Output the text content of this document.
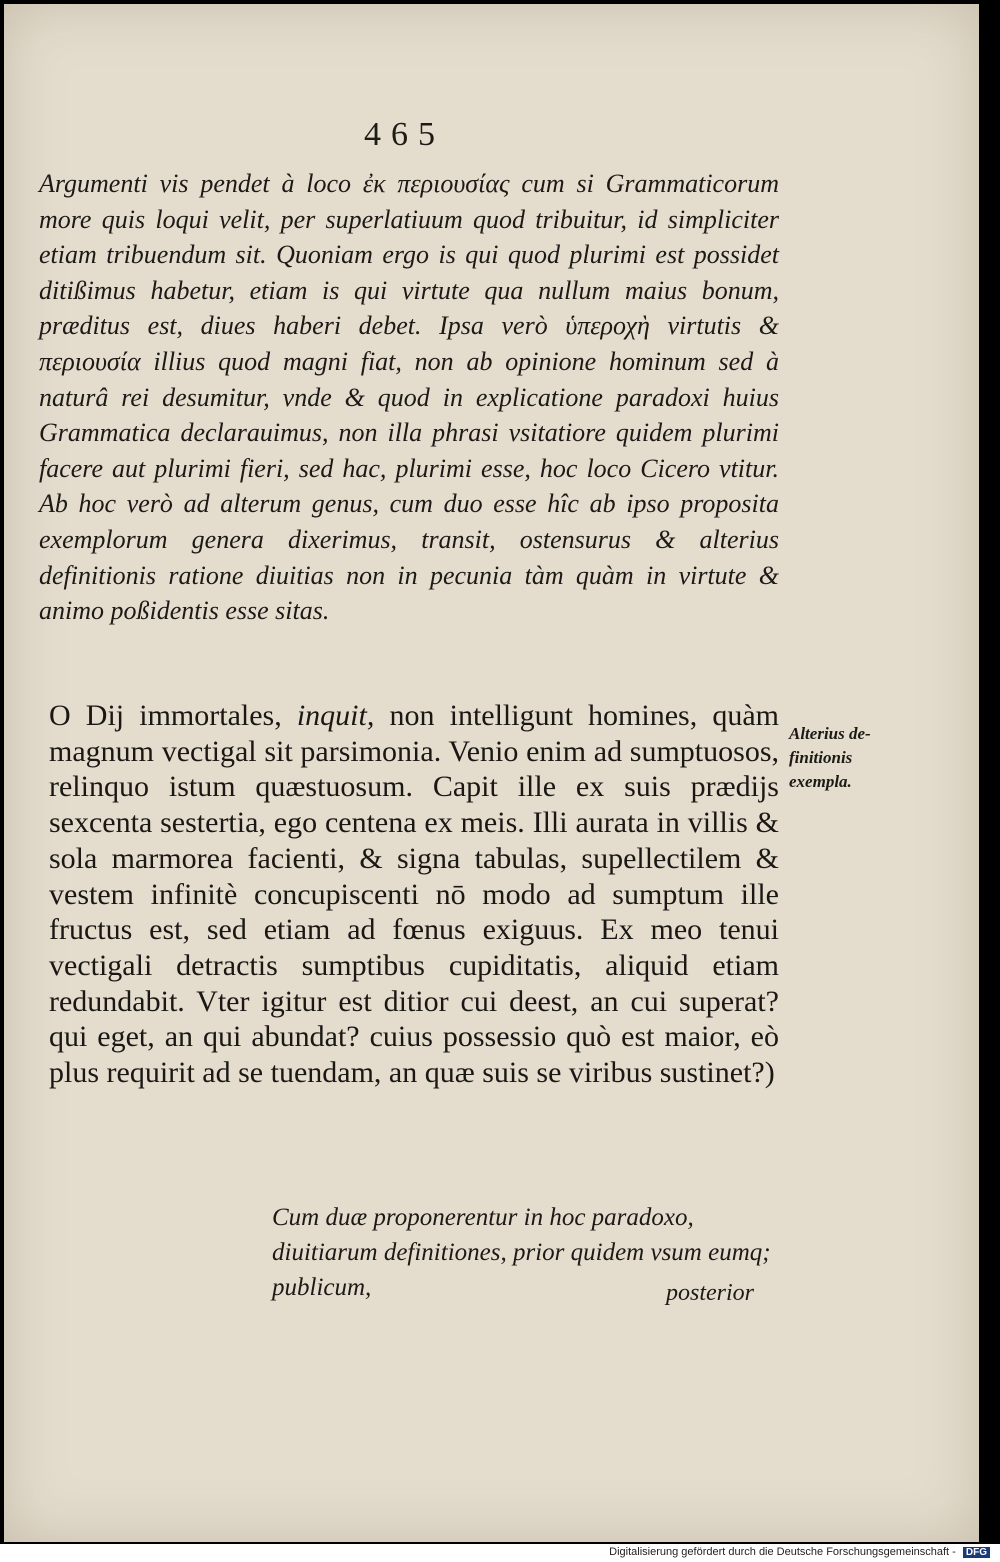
465
Argumenti vis pendet à loco ἐκ περιουσίας cum si Grammaticorum more quis loqui velit, per superlatiuum quod tribuitur, id simpliciter etiam tribuendum sit. Quoniam ergo is qui quod plurimi est possidet ditißimus habetur, etiam is qui virtute qua nullum maius bonum, præditus est, diues haberi debet. Ipsa verò ὑπεροχὴ virtutis & περιουσία illius quod magni fiat, non ab opinione hominum sed à naturâ rei desumitur, vnde & quod in explicatione paradoxi huius Grammatica declarauimus, non illa phrasi vsitatiore quidem plurimi facere aut plurimi fieri, sed hac, plurimi esse, hoc loco Cicero vtitur. Ab hoc verò ad alterum genus, cum duo esse hîc ab ipso proposita exemplorum genera dixerimus, transit, ostensurus & alterius definitionis ratione diuitias non in pecunia tàm quàm in virtute & animo poßidentis esse sitas.
O Dij immortales, inquit, non intelligunt homines, quàm magnum vectigal sit parsimonia. Venio enim ad sumptuosos, relinquo istum quæstuosum. Capit ille ex suis prædijs sexcenta sestertia, ego centena ex meis. Illi aurata in villis & sola marmorea facienti, & signa tabulas, supellectilem & vestem infinitè concupiscenti nō modo ad sumptum ille fructus est, sed etiam ad fœnus exiguus. Ex meo tenui vectigali detractis sumptibus cupiditatis, aliquid etiam redundabit. Vter igitur est ditior cui deest, an cui superat? qui eget, an qui abundat? cuius possessio quò est maior, eò plus requirit ad se tuendam, an quæ suis se viribus sustinet?)
Alterius de-
finitionis
exempla.
Cum duæ proponerentur in hoc paradoxo, diuitiarum definitiones, prior quidem vsum eumq; publicum,	posterior
Digitalisierung gefördert durch die Deutsche Forschungsgemeinschaft - DFG
